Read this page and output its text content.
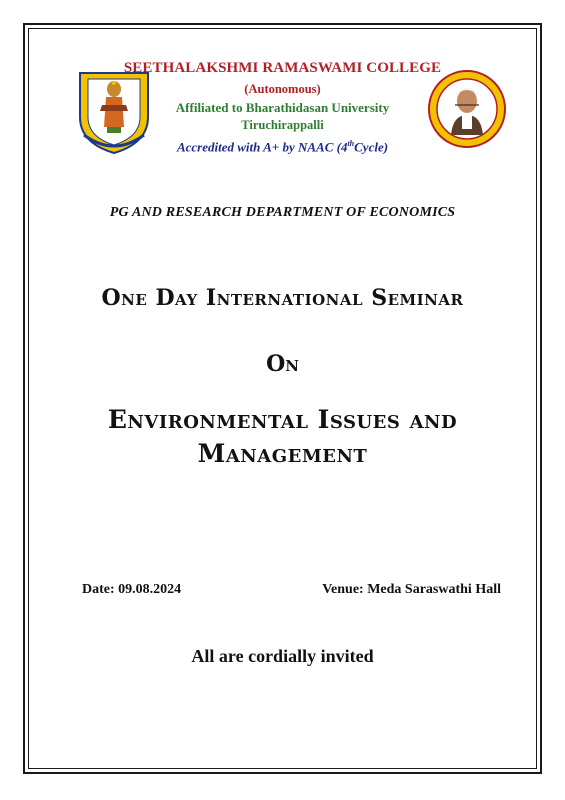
SEETHALAKSHMI RAMASWAMI COLLEGE
(Autonomous)
Affiliated to Bharathidasan University
Tiruchirappalli
Accredited with A+ by NAAC (4thCycle)
PG AND RESEARCH DEPARTMENT OF ECONOMICS
One Day International Seminar
On
Environmental Issues and
Management
Date: 09.08.2024	Venue: Meda Saraswathi Hall
All are cordially invited
